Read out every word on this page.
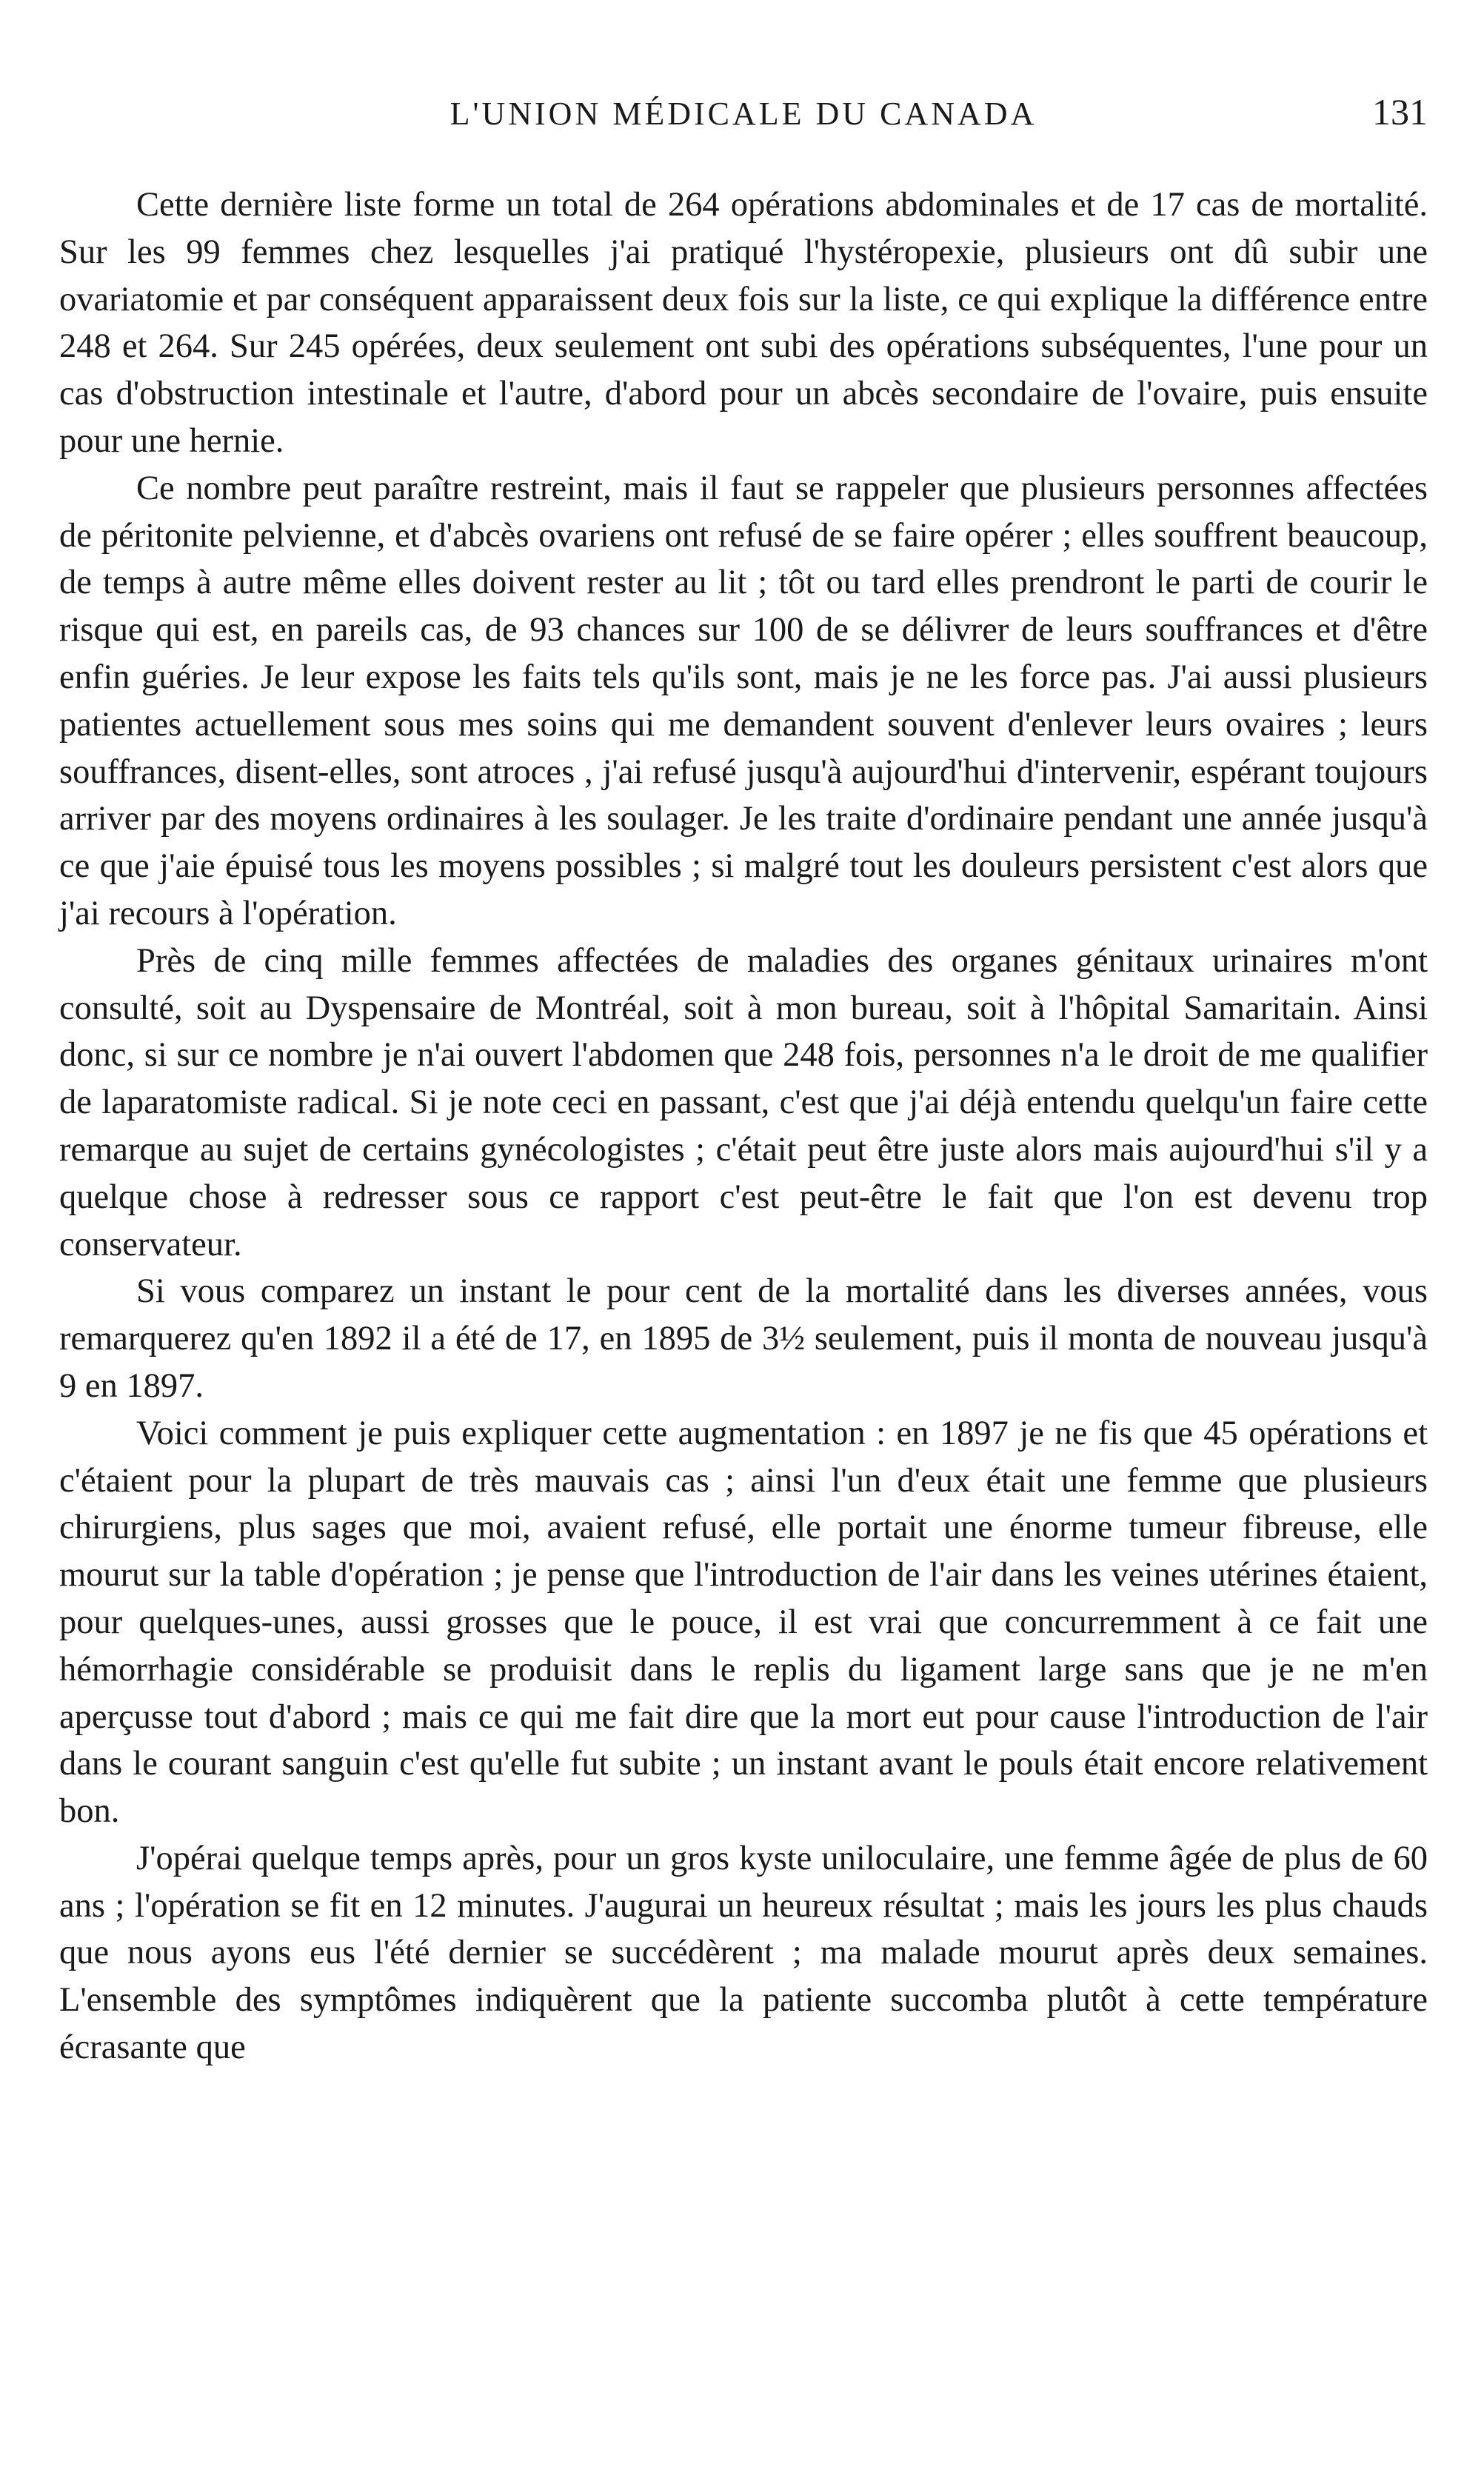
L'UNION MÉDICALE DU CANADA	131

Cette dernière liste forme un total de 264 opérations abdominales et de 17 cas de mortalité. Sur les 99 femmes chez lesquelles j'ai pratiqué l'hystéropexie, plusieurs ont dû subir une ovariatomie et par conséquent apparaissent deux fois sur la liste, ce qui explique la différence entre 248 et 264. Sur 245 opérées, deux seulement ont subi des opérations subséquentes, l'une pour un cas d'obstruction intestinale et l'autre, d'abord pour un abcès secondaire de l'ovaire, puis ensuite pour une hernie.

Ce nombre peut paraître restreint, mais il faut se rappeler que plusieurs personnes affectées de péritonite pelvienne, et d'abcès ovariens ont refusé de se faire opérer ; elles souffrent beaucoup, de temps à autre même elles doivent rester au lit ; tôt ou tard elles prendront le parti de courir le risque qui est, en pareils cas, de 93 chances sur 100 de se délivrer de leurs souffrances et d'être enfin guéries. Je leur expose les faits tels qu'ils sont, mais je ne les force pas. J'ai aussi plusieurs patientes actuellement sous mes soins qui me demandent souvent d'enlever leurs ovaires ; leurs souffrances, disent-elles, sont atroces , j'ai refusé jusqu'à aujourd'hui d'intervenir, espérant toujours arriver par des moyens ordinaires à les soulager. Je les traite d'ordinaire pendant une année jusqu'à ce que j'aie épuisé tous les moyens possibles ; si malgré tout les douleurs persistent c'est alors que j'ai recours à l'opération.

Près de cinq mille femmes affectées de maladies des organes génitaux urinaires m'ont consulté, soit au Dyspensaire de Montréal, soit à mon bureau, soit à l'hôpital Samaritain. Ainsi donc, si sur ce nombre je n'ai ouvert l'abdomen que 248 fois, personnes n'a le droit de me qualifier de laparatomiste radical. Si je note ceci en passant, c'est que j'ai déjà entendu quelqu'un faire cette remarque au sujet de certains gynécologistes ; c'était peut être juste alors mais aujourd'hui s'il y a quelque chose à redresser sous ce rapport c'est peut-être le fait que l'on est devenu trop conservateur.

Si vous comparez un instant le pour cent de la mortalité dans les diverses années, vous remarquerez qu'en 1892 il a été de 17, en 1895 de 3½ seulement, puis il monta de nouveau jusqu'à 9 en 1897.

Voici comment je puis expliquer cette augmentation : en 1897 je ne fis que 45 opérations et c'étaient pour la plupart de très mauvais cas ; ainsi l'un d'eux était une femme que plusieurs chirurgiens, plus sages que moi, avaient refusé, elle portait une énorme tumeur fibreuse, elle mourut sur la table d'opération ; je pense que l'introduction de l'air dans les veines utérines étaient, pour quelques-unes, aussi grosses que le pouce, il est vrai que concurremment à ce fait une hémorrhagie considérable se produisit dans le replis du ligament large sans que je ne m'en aperçusse tout d'abord ; mais ce qui me fait dire que la mort eut pour cause l'introduction de l'air dans le courant sanguin c'est qu'elle fut subite ; un instant avant le pouls était encore relativement bon.

J'opérai quelque temps après, pour un gros kyste uniloculaire, une femme âgée de plus de 60 ans ; l'opération se fit en 12 minutes. J'augurai un heureux résultat ; mais les jours les plus chauds que nous ayons eus l'été dernier se succédèrent ; ma malade mourut après deux semaines. L'ensemble des symptômes indiquèrent que la patiente succomba plutôt à cette température écrasante que
